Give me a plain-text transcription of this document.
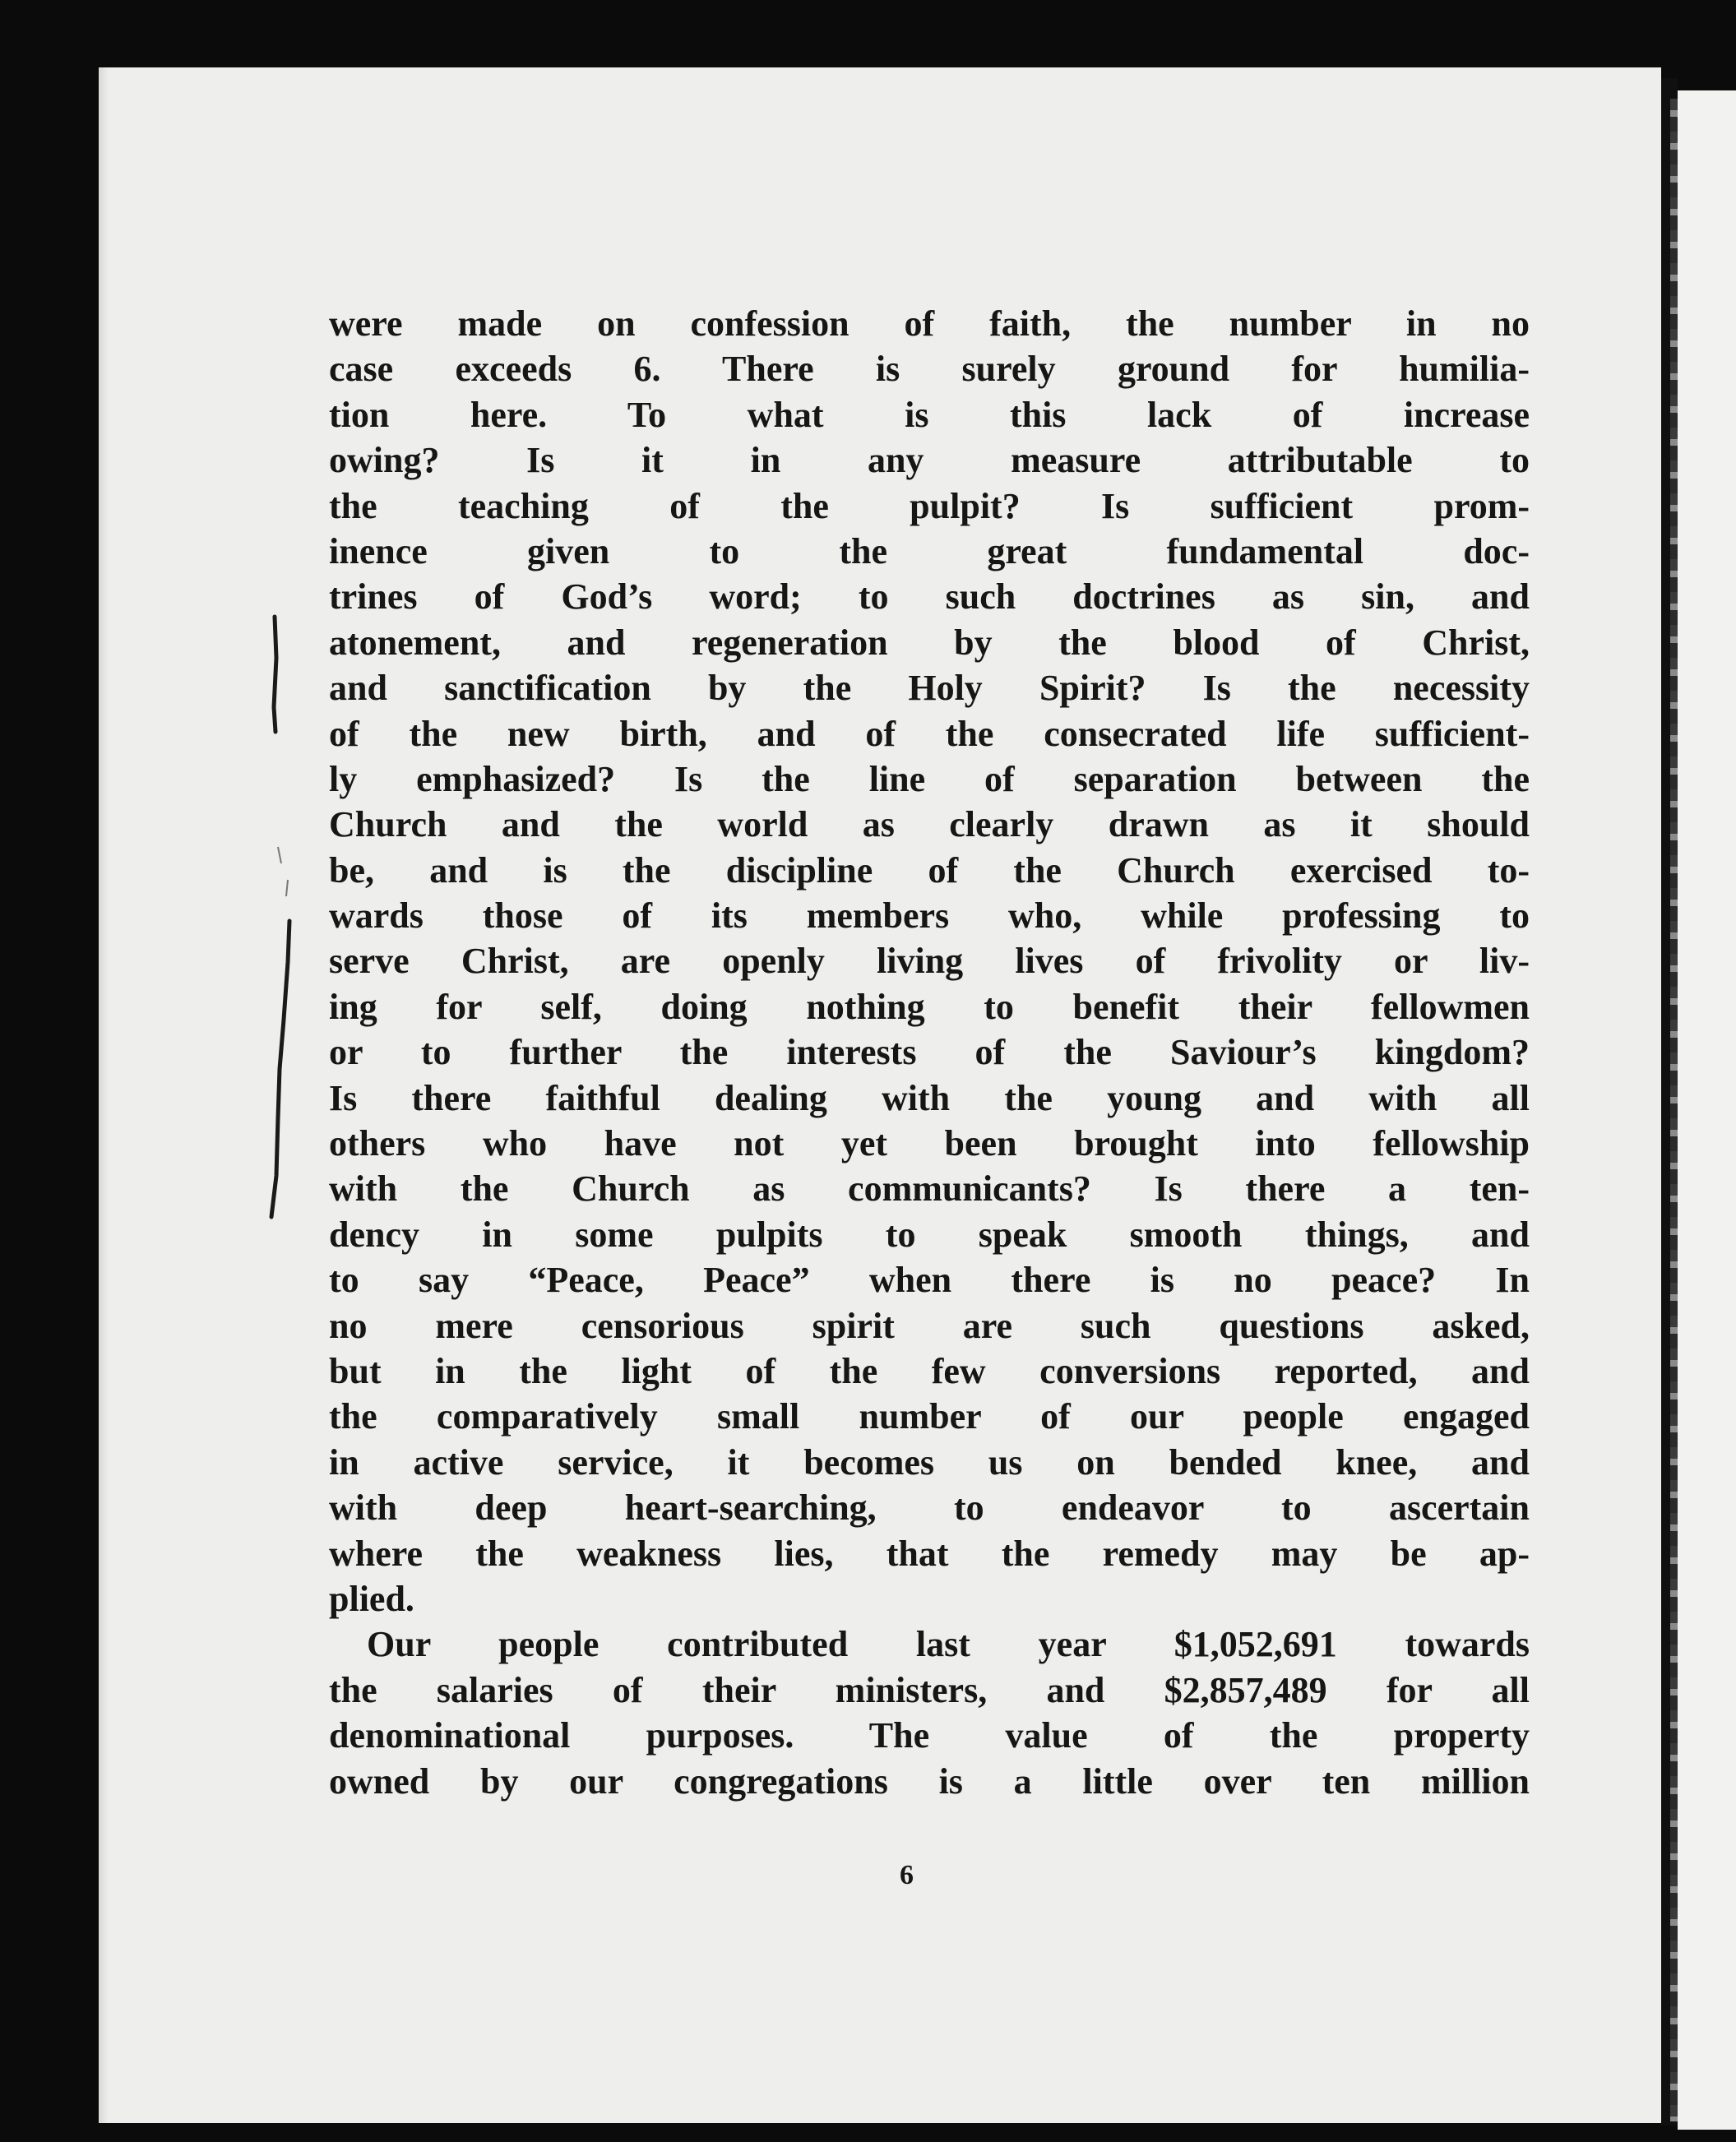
were made on confession of faith, the number in no
case exceeds 6. There is surely ground for humilia-
tion here. To what is this lack of increase
owing? Is it in any measure attributable to
the teaching of the pulpit? Is sufficient prom-
inence given to the great fundamental doc-
trines of God’s word; to such doctrines as sin, and
atonement, and regeneration by the blood of Christ,
and sanctification by the Holy Spirit? Is the necessity
of the new birth, and of the consecrated life sufficient-
ly emphasized? Is the line of separation between the
Church and the world as clearly drawn as it should
be, and is the discipline of the Church exercised to-
wards those of its members who, while professing to
serve Christ, are openly living lives of frivolity or liv-
ing for self, doing nothing to benefit their fellowmen
or to further the interests of the Saviour’s kingdom?
Is there faithful dealing with the young and with all
others who have not yet been brought into fellowship
with the Church as communicants? Is there a ten-
dency in some pulpits to speak smooth things, and
to say “Peace, Peace” when there is no peace? In
no mere censorious spirit are such questions asked,
but in the light of the few conversions reported, and
the comparatively small number of our people engaged
in active service, it becomes us on bended knee, and
with deep heart-searching, to endeavor to ascertain
where the weakness lies, that the remedy may be ap-
plied.
Our people contributed last year $1,052,691 towards
the salaries of their ministers, and $2,857,489 for all
denominational purposes. The value of the property
owned by our congregations is a little over ten million
6
